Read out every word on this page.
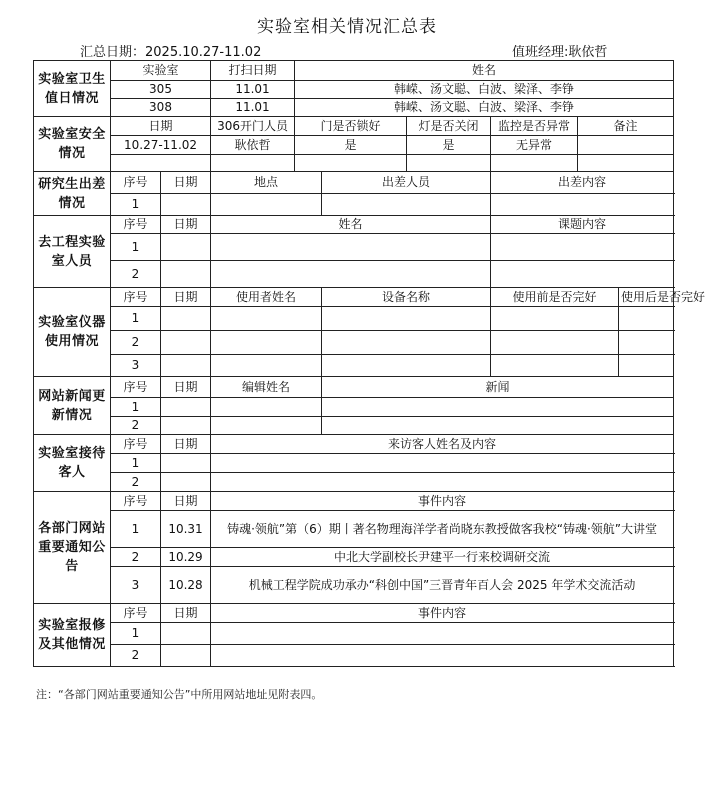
实验室相关情况汇总表
汇总日期：2025.10.27-11.02	值班经理:耿依哲
实验室卫生值日情况	实验室		打扫日期	姓名						
	305		11.01	韩嵘、汤文聪、白波、梁泽、李铮						
	308		11.01	韩嵘、汤文聪、白波、梁泽、李铮						
实验室安全情况	日期		306开门人员	门是否锁好		灯是否关闭	监控是否异常	备注		
	10.27-11.02		耿依哲	是		是	无异常			

研究生出差情况	序号	日期	地点		出差人员		出差内容			
	1									
去工程实验室人员	序号	日期	姓名				课题内容			
	1									
	2									
实验室仪器使用情况	序号	日期	使用者姓名		设备名称		使用前是否完好		使用后是否完好	
	1									
	2									
	3									
网站新闻更新情况	序号	日期	编辑姓名		新闻	
	1									
	2									
实验室接待客人	序号	日期	来访客人姓名及内容							
	1									
	2									
各部门网站重要通知公告	序号	日期	事件内容							
	1	10.31	铸魂·领航”第（6）期丨著名物理海洋学者尚晓东教授做客我校“铸魂·领航”大讲堂							
	2	10.29	中北大学副校长尹建平一行来校调研交流							
	3	10.28	机械工程学院成功承办“科创中国”三晋青年百人会 2025 年学术交流活动							
实验室报修及其他情况	序号	日期	事件内容							
	1									
	2									
注：“各部门网站重要通知公告”中所用网站地址见附表四。
